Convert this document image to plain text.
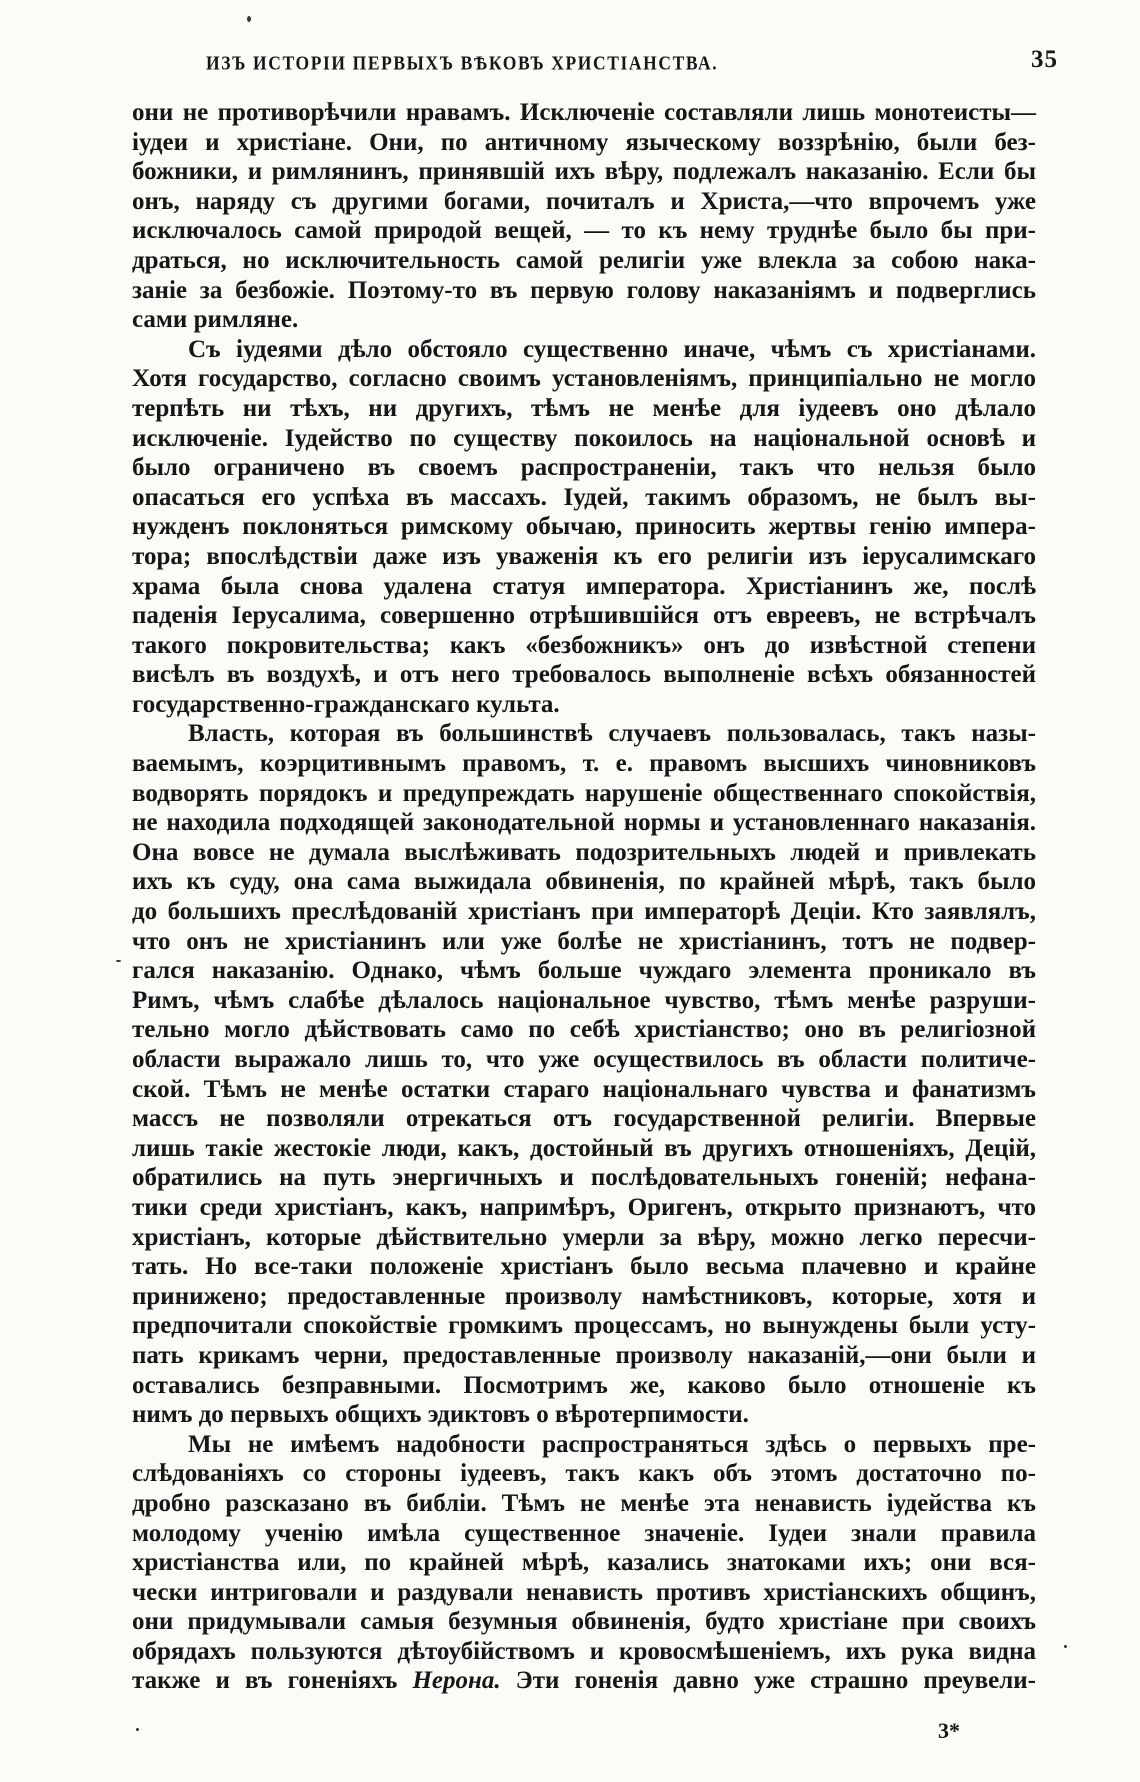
ИЗЪ ИСТОРІИ ПЕРВЫХЪ ВѢКОВЪ ХРИСТІАНСТВА.	35

они не противорѣчили нравамъ. Исключеніе составляли лишь монотеисты—
іудеи и христіане. Они, по античному языческому воззрѣнію, были без-
божники, и римлянинъ, принявшій ихъ вѣру, подлежалъ наказанію. Если бы
онъ, наряду съ другими богами, почиталъ и Христа,—что впрочемъ уже
исключалось самой природой вещей, — то къ нему труднѣе было бы при-
драться, но исключительность самой религіи уже влекла за собою нака-
заніе за безбожіе. Поэтому-то въ первую голову наказаніямъ и подверглись
сами римляне.

Съ іудеями дѣло обстояло существенно иначе, чѣмъ съ христіанами.
Хотя государство, согласно своимъ установленіямъ, принципіально не могло
терпѣть ни тѣхъ, ни другихъ, тѣмъ не менѣе для іудеевъ оно дѣлало
исключеніе. Іудейство по существу покоилось на національной основѣ и
было ограничено въ своемъ распространеніи, такъ что нельзя было
опасаться его успѣха въ массахъ. Іудей, такимъ образомъ, не былъ вы-
нужденъ поклоняться римскому обычаю, приносить жертвы генію импера-
тора; впослѣдствіи даже изъ уваженія къ его религіи изъ іерусалимскаго
храма была снова удалена статуя императора. Христіанинъ же, послѣ
паденія Іерусалима, совершенно отрѣшившійся отъ евреевъ, не встрѣчалъ
такого покровительства; какъ «безбожникъ» онъ до извѣстной степени
висѣлъ въ воздухѣ, и отъ него требовалось выполненіе всѣхъ обязанностей
государственно-гражданскаго культа.

Власть, которая въ большинствѣ случаевъ пользовалась, такъ назы-
ваемымъ, коэрцитивнымъ правомъ, т. е. правомъ высшихъ чиновниковъ
водворять порядокъ и предупреждать нарушеніе общественнаго спокойствія,
не находила подходящей законодательной нормы и установленнаго наказанія.
Она вовсе не думала выслѣживать подозрительныхъ людей и привлекать
ихъ къ суду, она сама выжидала обвиненія, по крайней мѣрѣ, такъ было
до большихъ преслѣдованій христіанъ при императорѣ Деціи. Кто заявлялъ,
что онъ не христіанинъ или уже болѣе не христіанинъ, тотъ не подвер-
гался наказанію. Однако, чѣмъ больше чуждаго элемента проникало въ
Римъ, чѣмъ слабѣе дѣлалось національное чувство, тѣмъ менѣе разруши-
тельно могло дѣйствовать само по себѣ христіанство; оно въ религіозной
области выражало лишь то, что уже осуществилось въ области политиче-
ской. Тѣмъ не менѣе остатки стараго національнаго чувства и фанатизмъ
массъ не позволяли отрекаться отъ государственной религіи. Впервые
лишь такіе жестокіе люди, какъ, достойный въ другихъ отношеніяхъ, Децій,
обратились на путь энергичныхъ и послѣдовательныхъ гоненій; нефана-
тики среди христіанъ, какъ, напримѣръ, Оригенъ, открыто признаютъ, что
христіанъ, которые дѣйствительно умерли за вѣру, можно легко пересчи-
тать. Но все-таки положеніе христіанъ было весьма плачевно и крайне
принижено; предоставленные произволу намѣстниковъ, которые, хотя и
предпочитали спокойствіе громкимъ процессамъ, но вынуждены были усту-
пать крикамъ черни, предоставленные произволу наказаній,—они были и
оставались безправными. Посмотримъ же, каково было отношеніе къ
нимъ до первыхъ общихъ эдиктовъ о вѣротерпимости.

Мы не имѣемъ надобности распространяться здѣсь о первыхъ пре-
слѣдованіяхъ со стороны іудеевъ, такъ какъ объ этомъ достаточно по-
дробно разсказано въ библіи. Тѣмъ не менѣе эта ненависть іудейства къ
молодому ученію имѣла существенное значеніе. Іудеи знали правила
христіанства или, по крайней мѣрѣ, казались знатоками ихъ; они вся-
чески интриговали и раздували ненависть противъ христіанскихъ общинъ,
они придумывали самыя безумныя обвиненія, будто христіане при своихъ
обрядахъ пользуются дѣтоубійствомъ и кровосмѣшеніемъ, ихъ рука видна
также и въ гоненіяхъ Нерона. Эти гоненія давно уже страшно преувели-

3*
